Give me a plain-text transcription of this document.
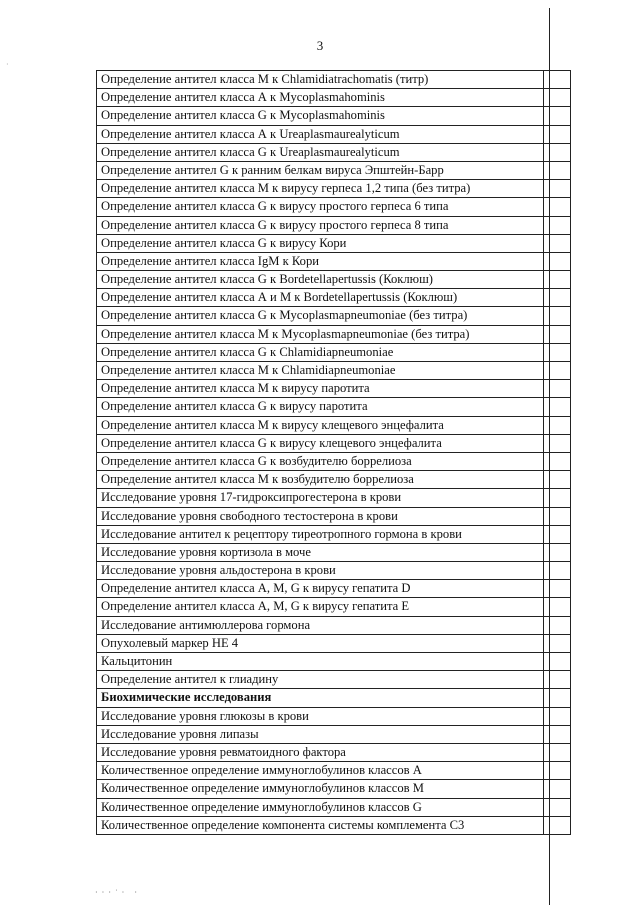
3
·
Определение антител класса М к Chlamidiatrachomatis (титр)
Определение антител класса А к Mycoplasmahominis
Определение антител класса G к Mycoplasmahominis
Определение антител класса А к Ureaplasmaurealyticum
Определение антител класса G к Ureaplasmaurealyticum
Определение антител G к ранним белкам вируса Эпштейн-Барр
Определение антител класса М к вирусу герпеса 1,2 типа (без титра)
Определение антител класса G к вирусу простого герпеса 6 типа
Определение антител класса G к вирусу простого герпеса 8 типа
Определение антител класса G к вирусу Кори
Определение антител класса IgM к Кори
Определение антител класса G к Bordetellapertussis (Коклюш)
Определение антител класса А и М к Bordetellapertussis (Коклюш)
Определение антител класса G к Mycoplasmapneumoniae (без титра)
Определение антител класса М к Mycoplasmapneumoniae (без титра)
Определение антител класса G к Chlamidiapneumoniae
Определение антител класса М к Chlamidiapneumoniae
Определение антител класса М к вирусу паротита
Определение антител класса G к вирусу паротита
Определение антител класса М к вирусу клещевого энцефалита
Определение антител класса G к вирусу клещевого энцефалита
Определение антител класса G к возбудителю боррелиоза
Определение антител класса М к возбудителю боррелиоза
Исследование уровня 17-гидроксипрогестерона в крови
Исследование уровня свободного тестостерона в крови
Исследование антител к рецептору тиреотропного гормона в крови
Исследование уровня кортизола в моче
Исследование уровня альдостерона в крови
Определение антител класса А, М, G к вирусу гепатита D
Определение антител класса А, М, G к вирусу гепатита Е
Исследование антимюллерова гормона
Опухолевый маркер НЕ 4
Кальцитонин
Определение антител к глиадину
Биохимические исследования
Исследование уровня глюкозы в крови
Исследование уровня липазы
Исследование уровня ревматоидного фактора
Количественное определение иммуноглобулинов классов А
Количественное определение иммуноглобулинов классов М
Количественное определение иммуноглобулинов классов G
Количественное определение компонента системы комплемента С3
· · · ˙ ·   ·
